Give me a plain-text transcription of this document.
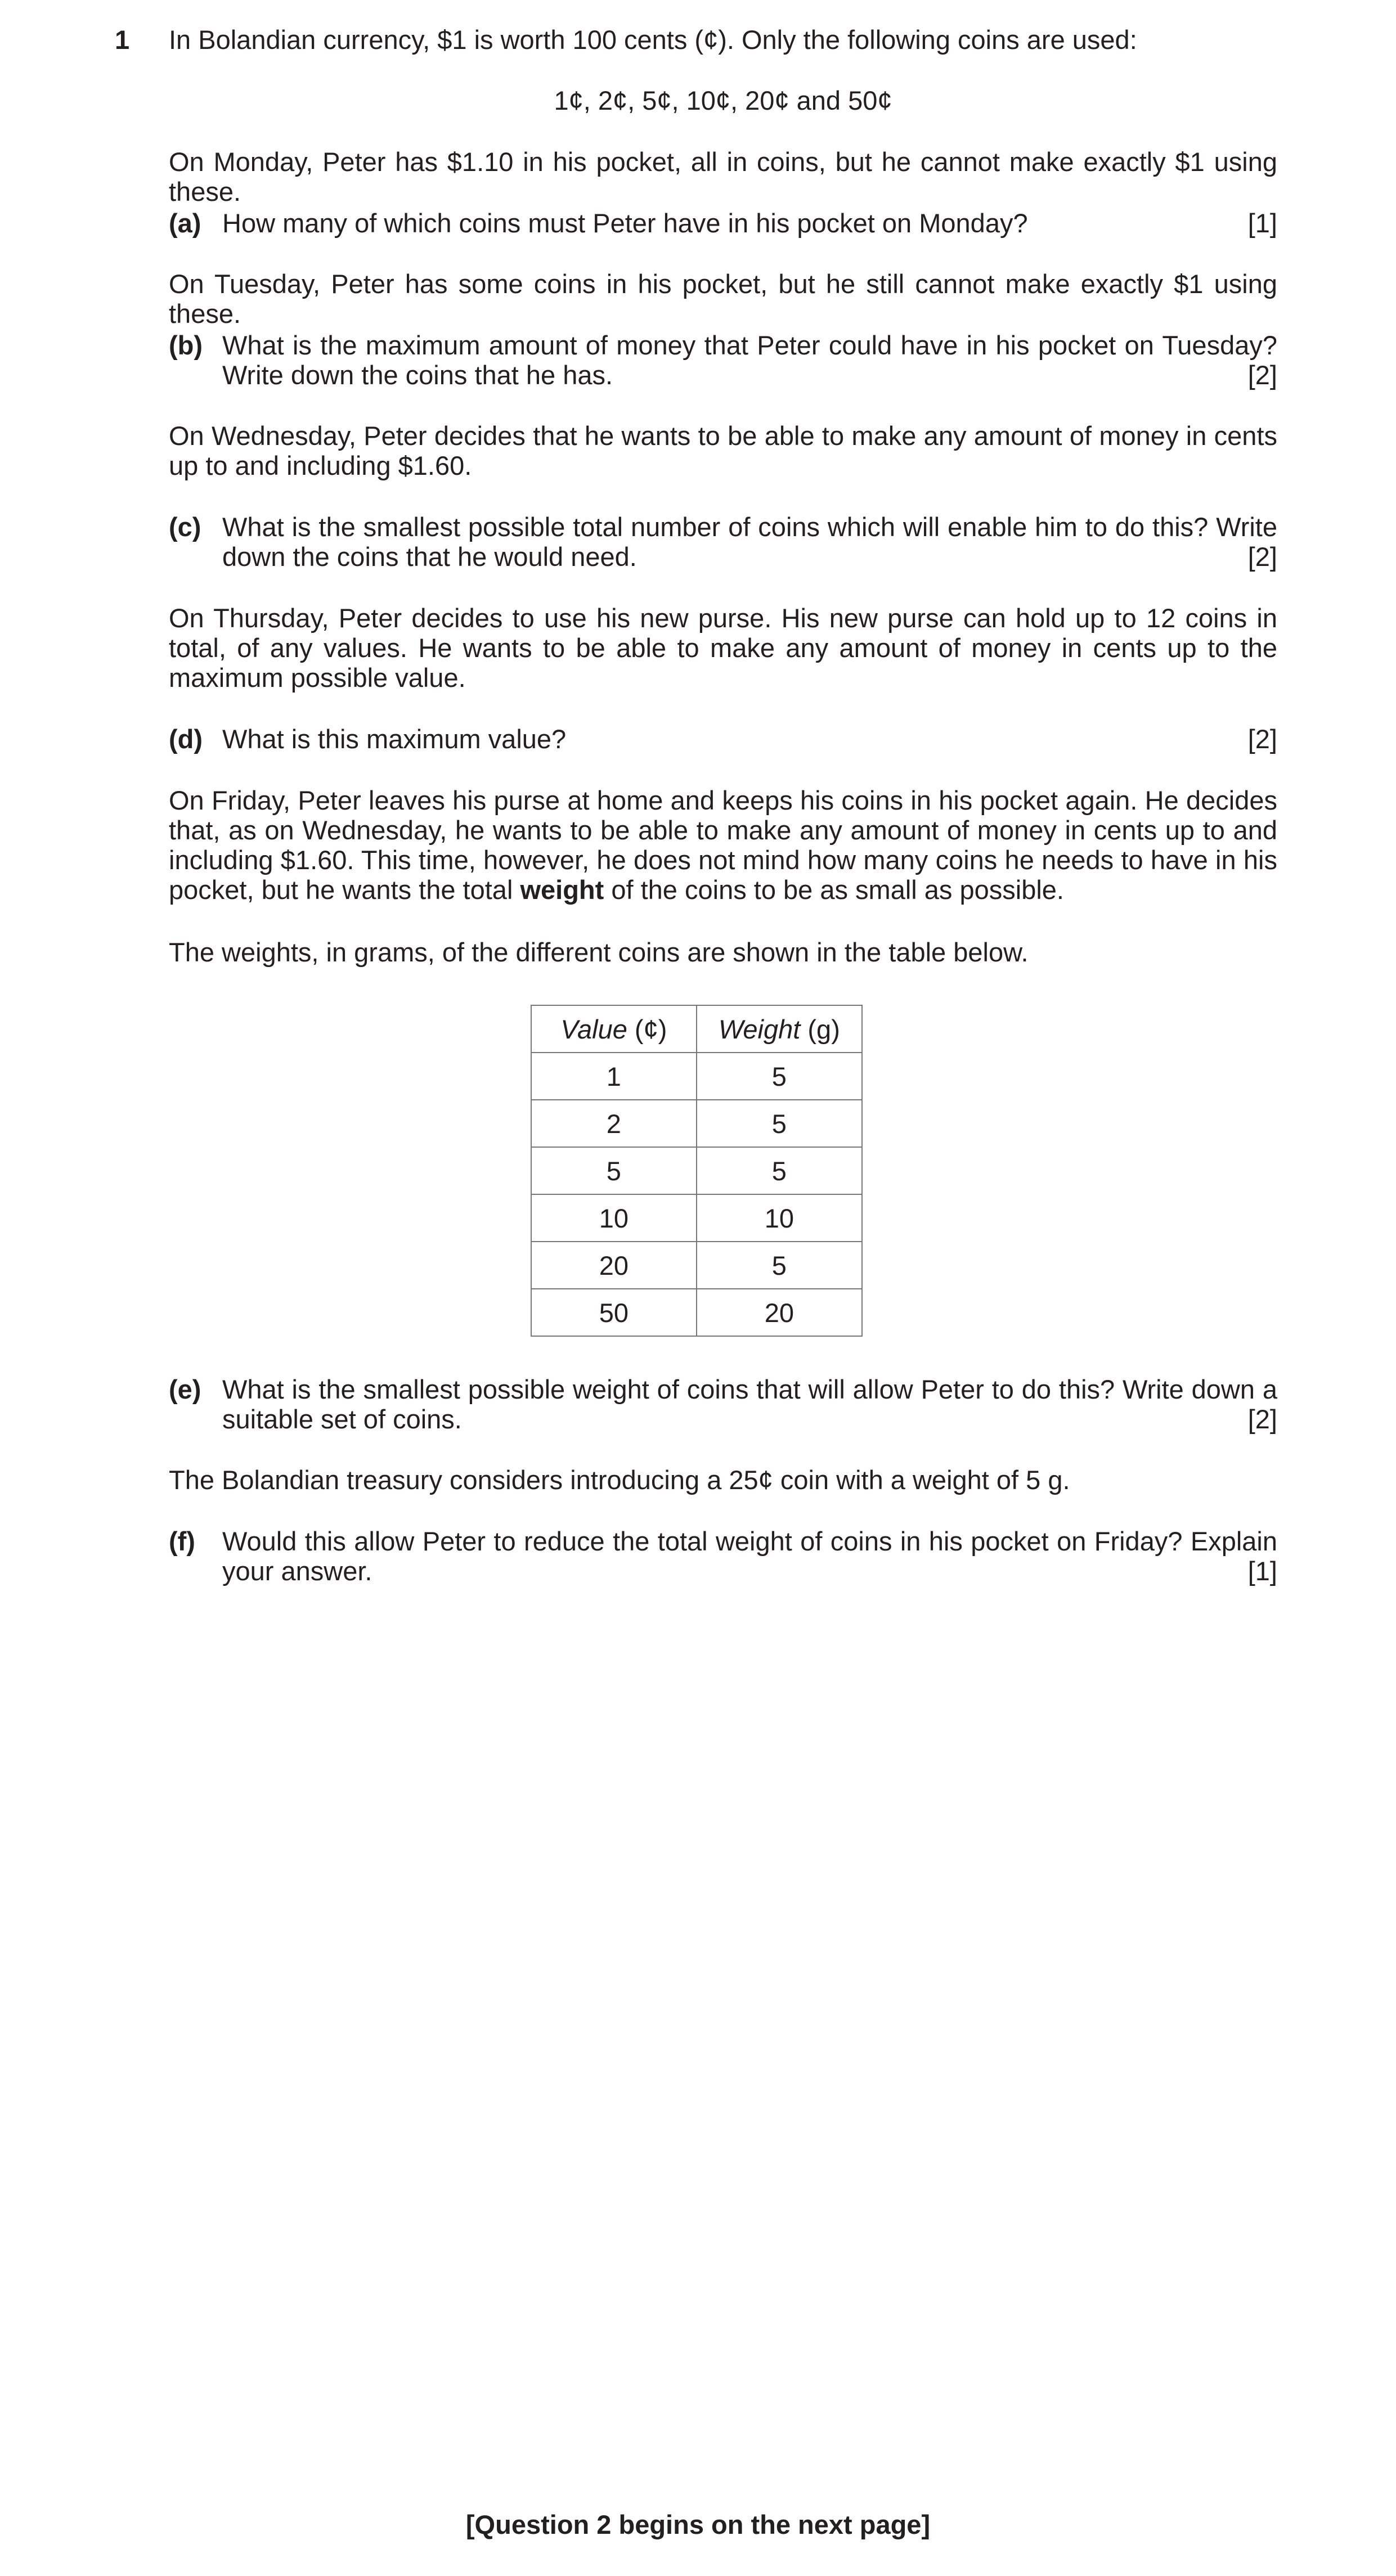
1 In Bolandian currency, $1 is worth 100 cents (¢). Only the following coins are used:
1¢, 2¢, 5¢, 10¢, 20¢ and 50¢
On Monday, Peter has $1.10 in his pocket, all in coins, but he cannot make exactly $1 using these.
(a) How many of which coins must Peter have in his pocket on Monday?	[1]
On Tuesday, Peter has some coins in his pocket, but he still cannot make exactly $1 using these.
(b) What is the maximum amount of money that Peter could have in his pocket on Tuesday?
Write down the coins that he has.	[2]
On Wednesday, Peter decides that he wants to be able to make any amount of money in cents up to and including $1.60.
(c) What is the smallest possible total number of coins which will enable him to do this? Write
down the coins that he would need.	[2]
On Thursday, Peter decides to use his new purse. His new purse can hold up to 12 coins in total, of any values. He wants to be able to make any amount of money in cents up to the maximum possible value.
(d) What is this maximum value?	[2]
On Friday, Peter leaves his purse at home and keeps his coins in his pocket again. He decides that, as on Wednesday, he wants to be able to make any amount of money in cents up to and including $1.60. This time, however, he does not mind how many coins he needs to have in his pocket, but he wants the total weight of the coins to be as small as possible.
The weights, in grams, of the different coins are shown in the table below.
Value (¢)	Weight (g)
1	5
2	5
5	5
10	10
20	5
50	20
(e) What is the smallest possible weight of coins that will allow Peter to do this? Write down a
suitable set of coins.	[2]
The Bolandian treasury considers introducing a 25¢ coin with a weight of 5 g.
(f) Would this allow Peter to reduce the total weight of coins in his pocket on Friday? Explain
your answer.	[1]
[Question 2 begins on the next page]
